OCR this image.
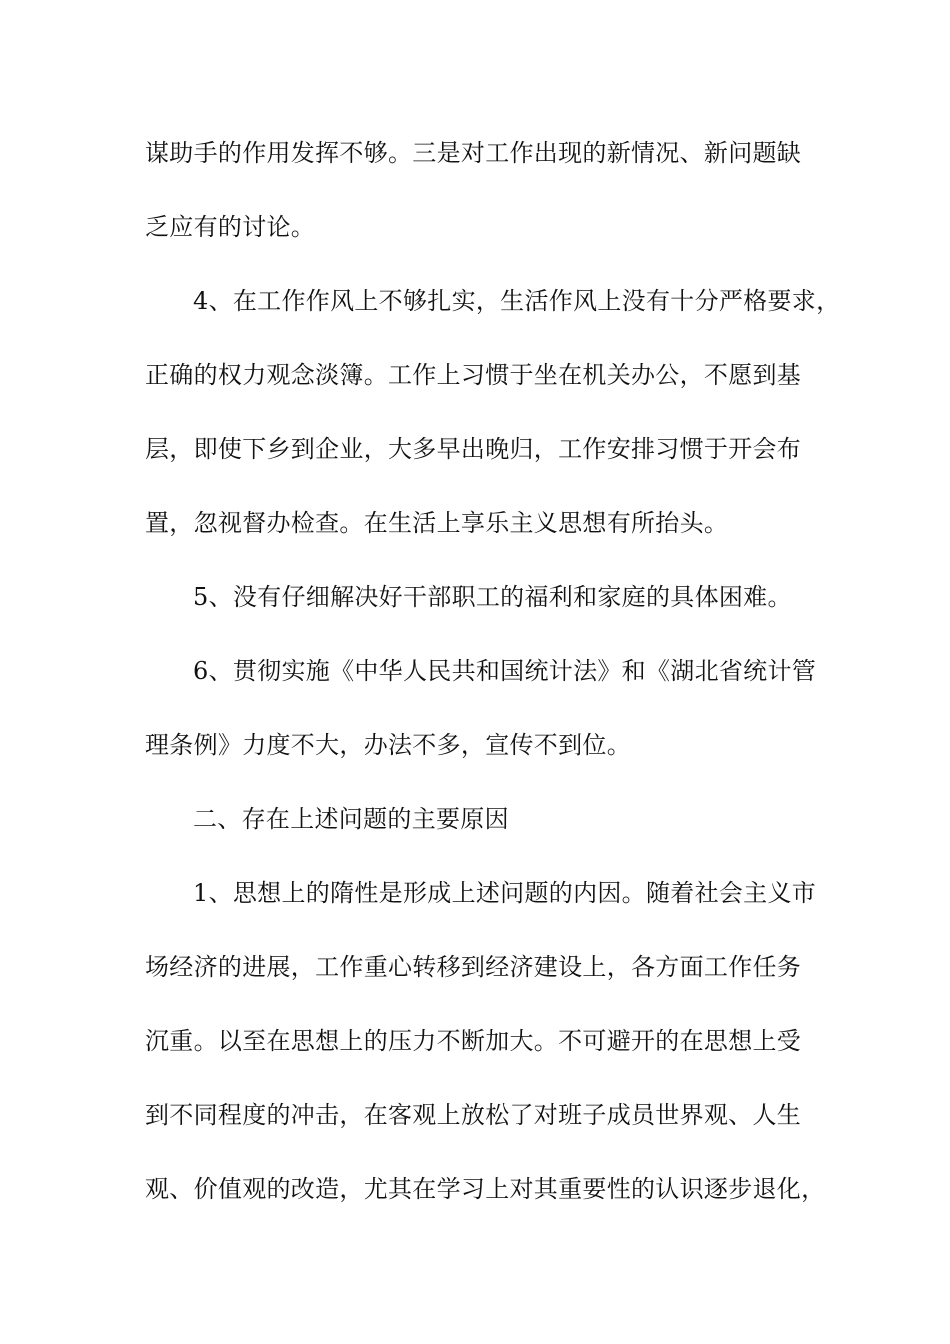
谋助手的作用发挥不够。三是对工作出现的新情况、新问题缺
乏应有的讨论。
4、在工作作风上不够扎实，生活作风上没有十分严格要求，
正确的权力观念淡簿。工作上习惯于坐在机关办公，不愿到基
层，即使下乡到企业，大多早出晚归，工作安排习惯于开会布
置，忽视督办检查。在生活上享乐主义思想有所抬头。
5、没有仔细解决好干部职工的福利和家庭的具体困难。
6、贯彻实施《中华人民共和国统计法》和《湖北省统计管
理条例》力度不大，办法不多，宣传不到位。
二、存在上述问题的主要原因
1、思想上的隋性是形成上述问题的内因。随着社会主义市
场经济的进展，工作重心转移到经济建设上，各方面工作任务
沉重。以至在思想上的压力不断加大。不可避开的在思想上受
到不同程度的冲击，在客观上放松了对班子成员世界观、人生
观、价值观的改造，尤其在学习上对其重要性的认识逐步退化，
